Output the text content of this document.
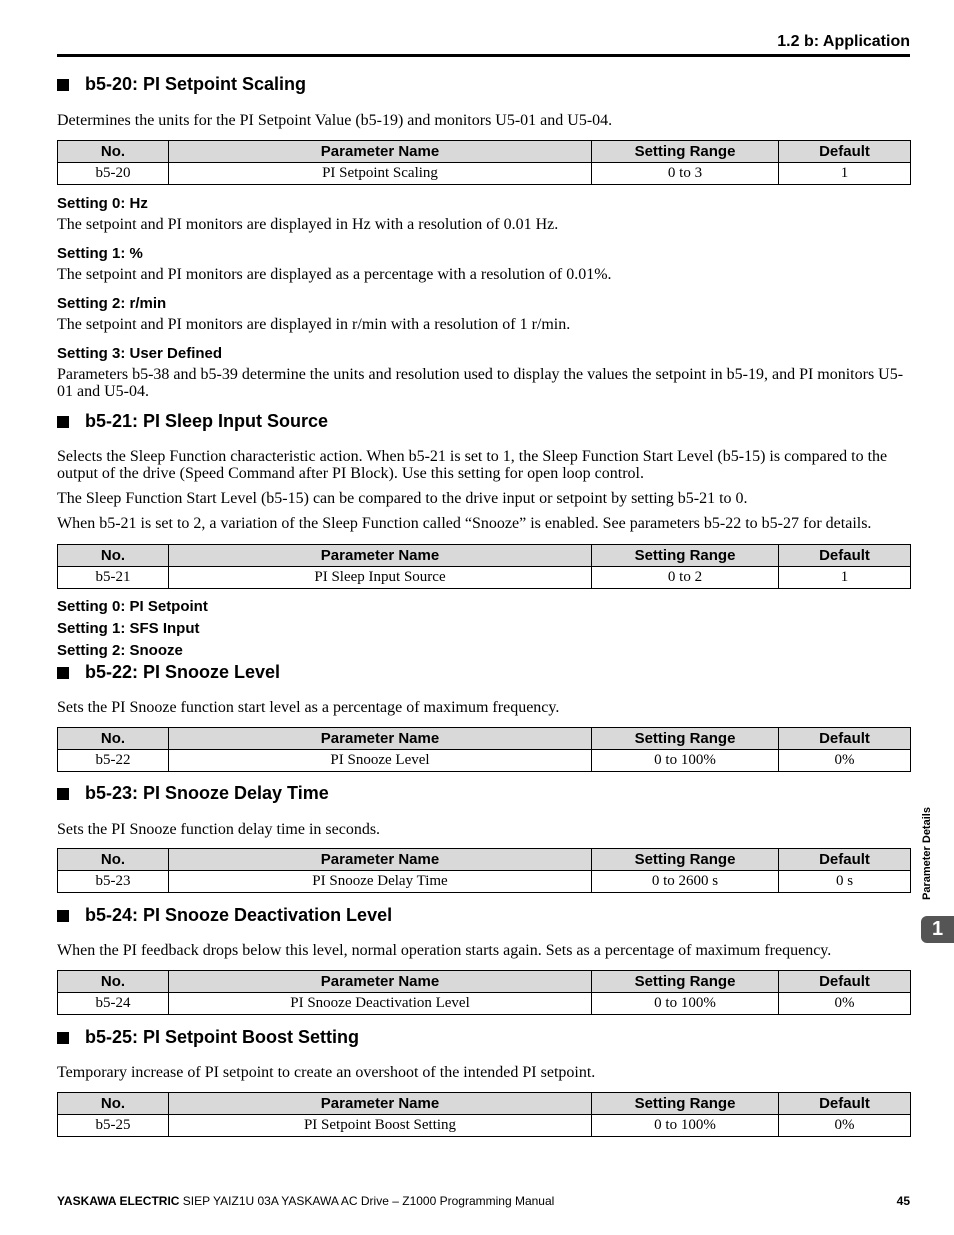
1.2 b: Application
b5-20: PI Setpoint Scaling
Determines the units for the PI Setpoint Value (b5-19) and monitors U5-01 and U5-04.
No.	Parameter Name	Setting Range	Default
b5-20	PI Setpoint Scaling	0 to 3	1
Setting 0: Hz
The setpoint and PI monitors are displayed in Hz with a resolution of 0.01 Hz.
Setting 1: %
The setpoint and PI monitors are displayed as a percentage with a resolution of 0.01%.
Setting 2: r/min
The setpoint and PI monitors are displayed in r/min with a resolution of 1 r/min.
Setting 3: User Defined
Parameters b5-38 and b5-39 determine the units and resolution used to display the values the setpoint in b5-19, and PI monitors U5-01 and U5-04.
b5-21: PI Sleep Input Source
Selects the Sleep Function characteristic action. When b5-21 is set to 1, the Sleep Function Start Level (b5-15) is compared to the output of the drive (Speed Command after PI Block). Use this setting for open loop control.
The Sleep Function Start Level (b5-15) can be compared to the drive input or setpoint by setting b5-21 to 0.
When b5-21 is set to 2, a variation of the Sleep Function called “Snooze” is enabled. See parameters b5-22 to b5-27 for details.
No.	Parameter Name	Setting Range	Default
b5-21	PI Sleep Input Source	0 to 2	1
Setting 0: PI Setpoint
Setting 1: SFS Input
Setting 2: Snooze
b5-22: PI Snooze Level
Sets the PI Snooze function start level as a percentage of maximum frequency.
No.	Parameter Name	Setting Range	Default
b5-22	PI Snooze Level	0 to 100%	0%
b5-23: PI Snooze Delay Time
Sets the PI Snooze function delay time in seconds.
No.	Parameter Name	Setting Range	Default
b5-23	PI Snooze Delay Time	0 to 2600 s	0 s
b5-24: PI Snooze Deactivation Level
When the PI feedback drops below this level, normal operation starts again. Sets as a percentage of maximum frequency.
No.	Parameter Name	Setting Range	Default
b5-24	PI Snooze Deactivation Level	0 to 100%	0%
b5-25: PI Setpoint Boost Setting
Temporary increase of PI setpoint to create an overshoot of the intended PI setpoint.
No.	Parameter Name	Setting Range	Default
b5-25	PI Setpoint Boost Setting	0 to 100%	0%
Parameter Details
1
YASKAWA ELECTRIC SIEP YAIZ1U 03A YASKAWA AC Drive – Z1000 Programming Manual	45
